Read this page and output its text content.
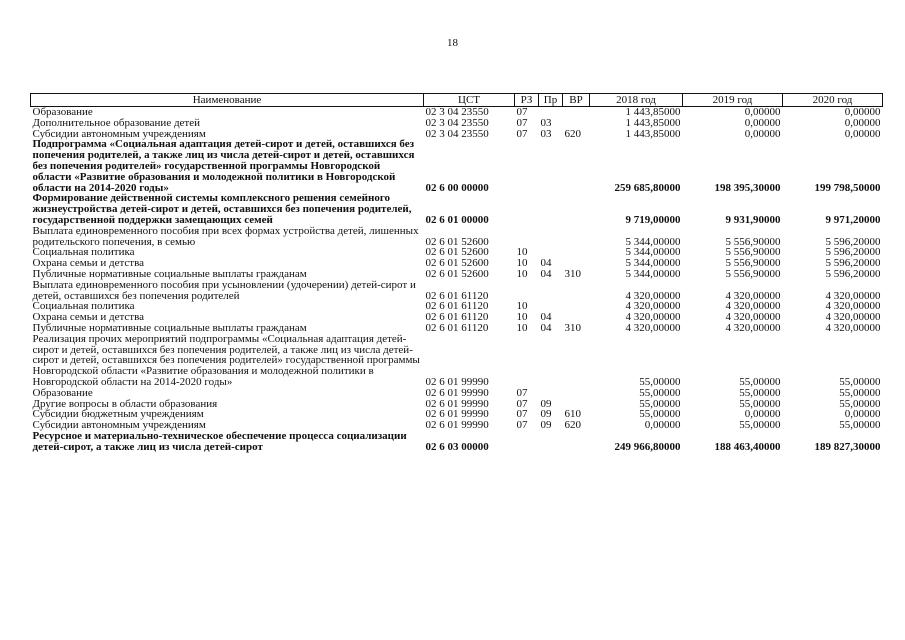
18
Наименование	ЦСТ	РЗ	Пр	ВР	2018 год	2019 год	2020 год
Образование	02 3 04 23550	07			1 443,85000	0,00000	0,00000
Дополнительное образование детей	02 3 04 23550	07	03		1 443,85000	0,00000	0,00000
Субсидии автономным учреждениям	02 3 04 23550	07	03	620	1 443,85000	0,00000	0,00000
Подпрограмма «Социальная адаптация детей-сирот и детей, оставшихся без попечения родителей, а также лиц из числа детей-сирот и детей, оставшихся без попечения родителей» государственной программы Новгородской области «Развитие образования и молодежной политики в Новгородской области на 2014-2020 годы»	02 6 00 00000				259 685,80000	198 395,30000	199 798,50000
Формирование действенной системы комплексного решения семейного жизнеустройства детей-сирот и детей, оставшихся без попечения родителей, государственной поддержки замещающих семей	02 6 01 00000				9 719,00000	9 931,90000	9 971,20000
Выплата единовременного пособия при всех формах устройства детей, лишенных родительского попечения, в семью	02 6 01 52600				5 344,00000	5 556,90000	5 596,20000
Социальная политика	02 6 01 52600	10			5 344,00000	5 556,90000	5 596,20000
Охрана семьи и детства	02 6 01 52600	10	04		5 344,00000	5 556,90000	5 596,20000
Публичные нормативные социальные выплаты гражданам	02 6 01 52600	10	04	310	5 344,00000	5 556,90000	5 596,20000
Выплата единовременного пособия при усыновлении (удочерении) детей-сирот и детей, оставшихся без попечения родителей	02 6 01 61120				4 320,00000	4 320,00000	4 320,00000
Социальная политика	02 6 01 61120	10			4 320,00000	4 320,00000	4 320,00000
Охрана семьи и детства	02 6 01 61120	10	04		4 320,00000	4 320,00000	4 320,00000
Публичные нормативные социальные выплаты гражданам	02 6 01 61120	10	04	310	4 320,00000	4 320,00000	4 320,00000
Реализация прочих мероприятий подпрограммы «Социальная адаптация детей-сирот и детей, оставшихся без попечения родителей, а также лиц из числа детей-сирот и детей, оставшихся без попечения родителей» государственной программы Новгородской области «Развитие образования и молодежной политики в Новгородской области на 2014-2020 годы»	02 6 01 99990				55,00000	55,00000	55,00000
Образование	02 6 01 99990	07			55,00000	55,00000	55,00000
Другие вопросы в области образования	02 6 01 99990	07	09		55,00000	55,00000	55,00000
Субсидии бюджетным учреждениям	02 6 01 99990	07	09	610	55,00000	0,00000	0,00000
Субсидии автономным учреждениям	02 6 01 99990	07	09	620	0,00000	55,00000	55,00000
Ресурсное и материально-техническое обеспечение процесса социализации детей-сирот, а также лиц из числа детей-сирот	02 6 03 00000				249 966,80000	188 463,40000	189 827,30000
